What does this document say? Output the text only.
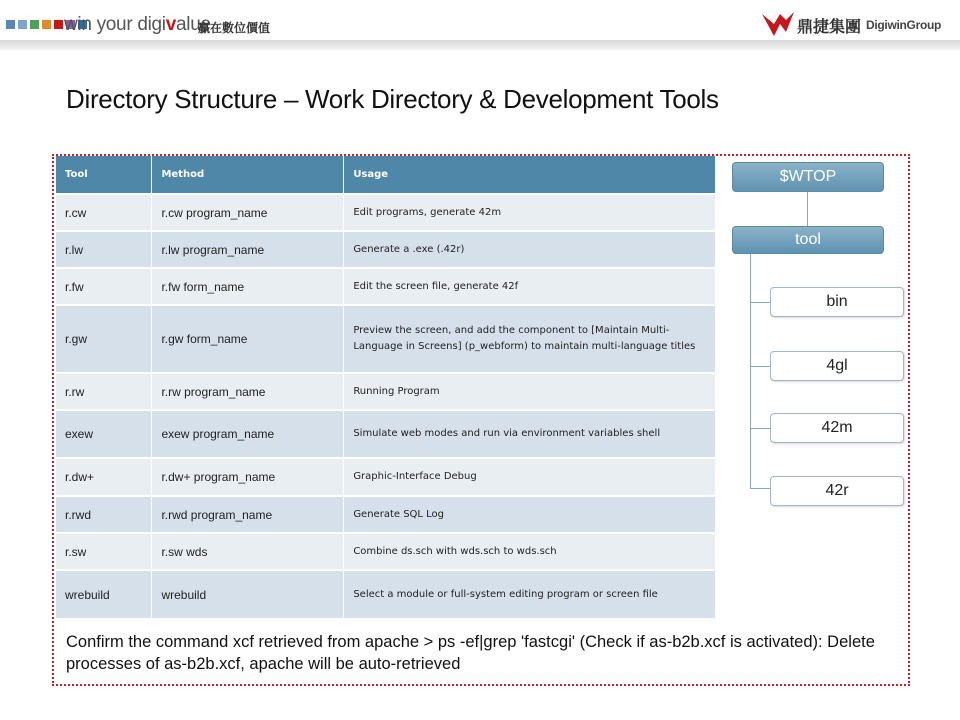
win your digivalue
贏在數位價值	鼎捷集團 DigiwinGroup
Directory Structure – Work Directory & Development Tools
Tool	Method	Usage
r.cw	r.cw program_name	Edit programs, generate 42m
r.lw	r.lw program_name	Generate a .exe (.42r)
r.fw	r.fw form_name	Edit the screen file, generate 42f
r.gw	r.gw form_name	Preview the screen, and add the component to [Maintain Multi-Language in Screens] (p_webform) to maintain multi-language titles
r.rw	r.rw program_name	Running Program
exew	exew program_name	Simulate web modes and run via environment variables shell
r.dw+	r.dw+ program_name	Graphic-Interface Debug
r.rwd	r.rwd program_name	Generate SQL Log
r.sw	r.sw wds	Combine ds.sch with wds.sch to wds.sch
wrebuild	wrebuild	Select a module or full-system editing program or screen file
$WTOP
tool
bin
4gl
42m
42r

Confirm the command xcf retrieved from apache > ps -ef|grep 'fastcgi' (Check if as-b2b.xcf is activated): Delete processes of as-b2b.xcf, apache will be auto-retrieved
